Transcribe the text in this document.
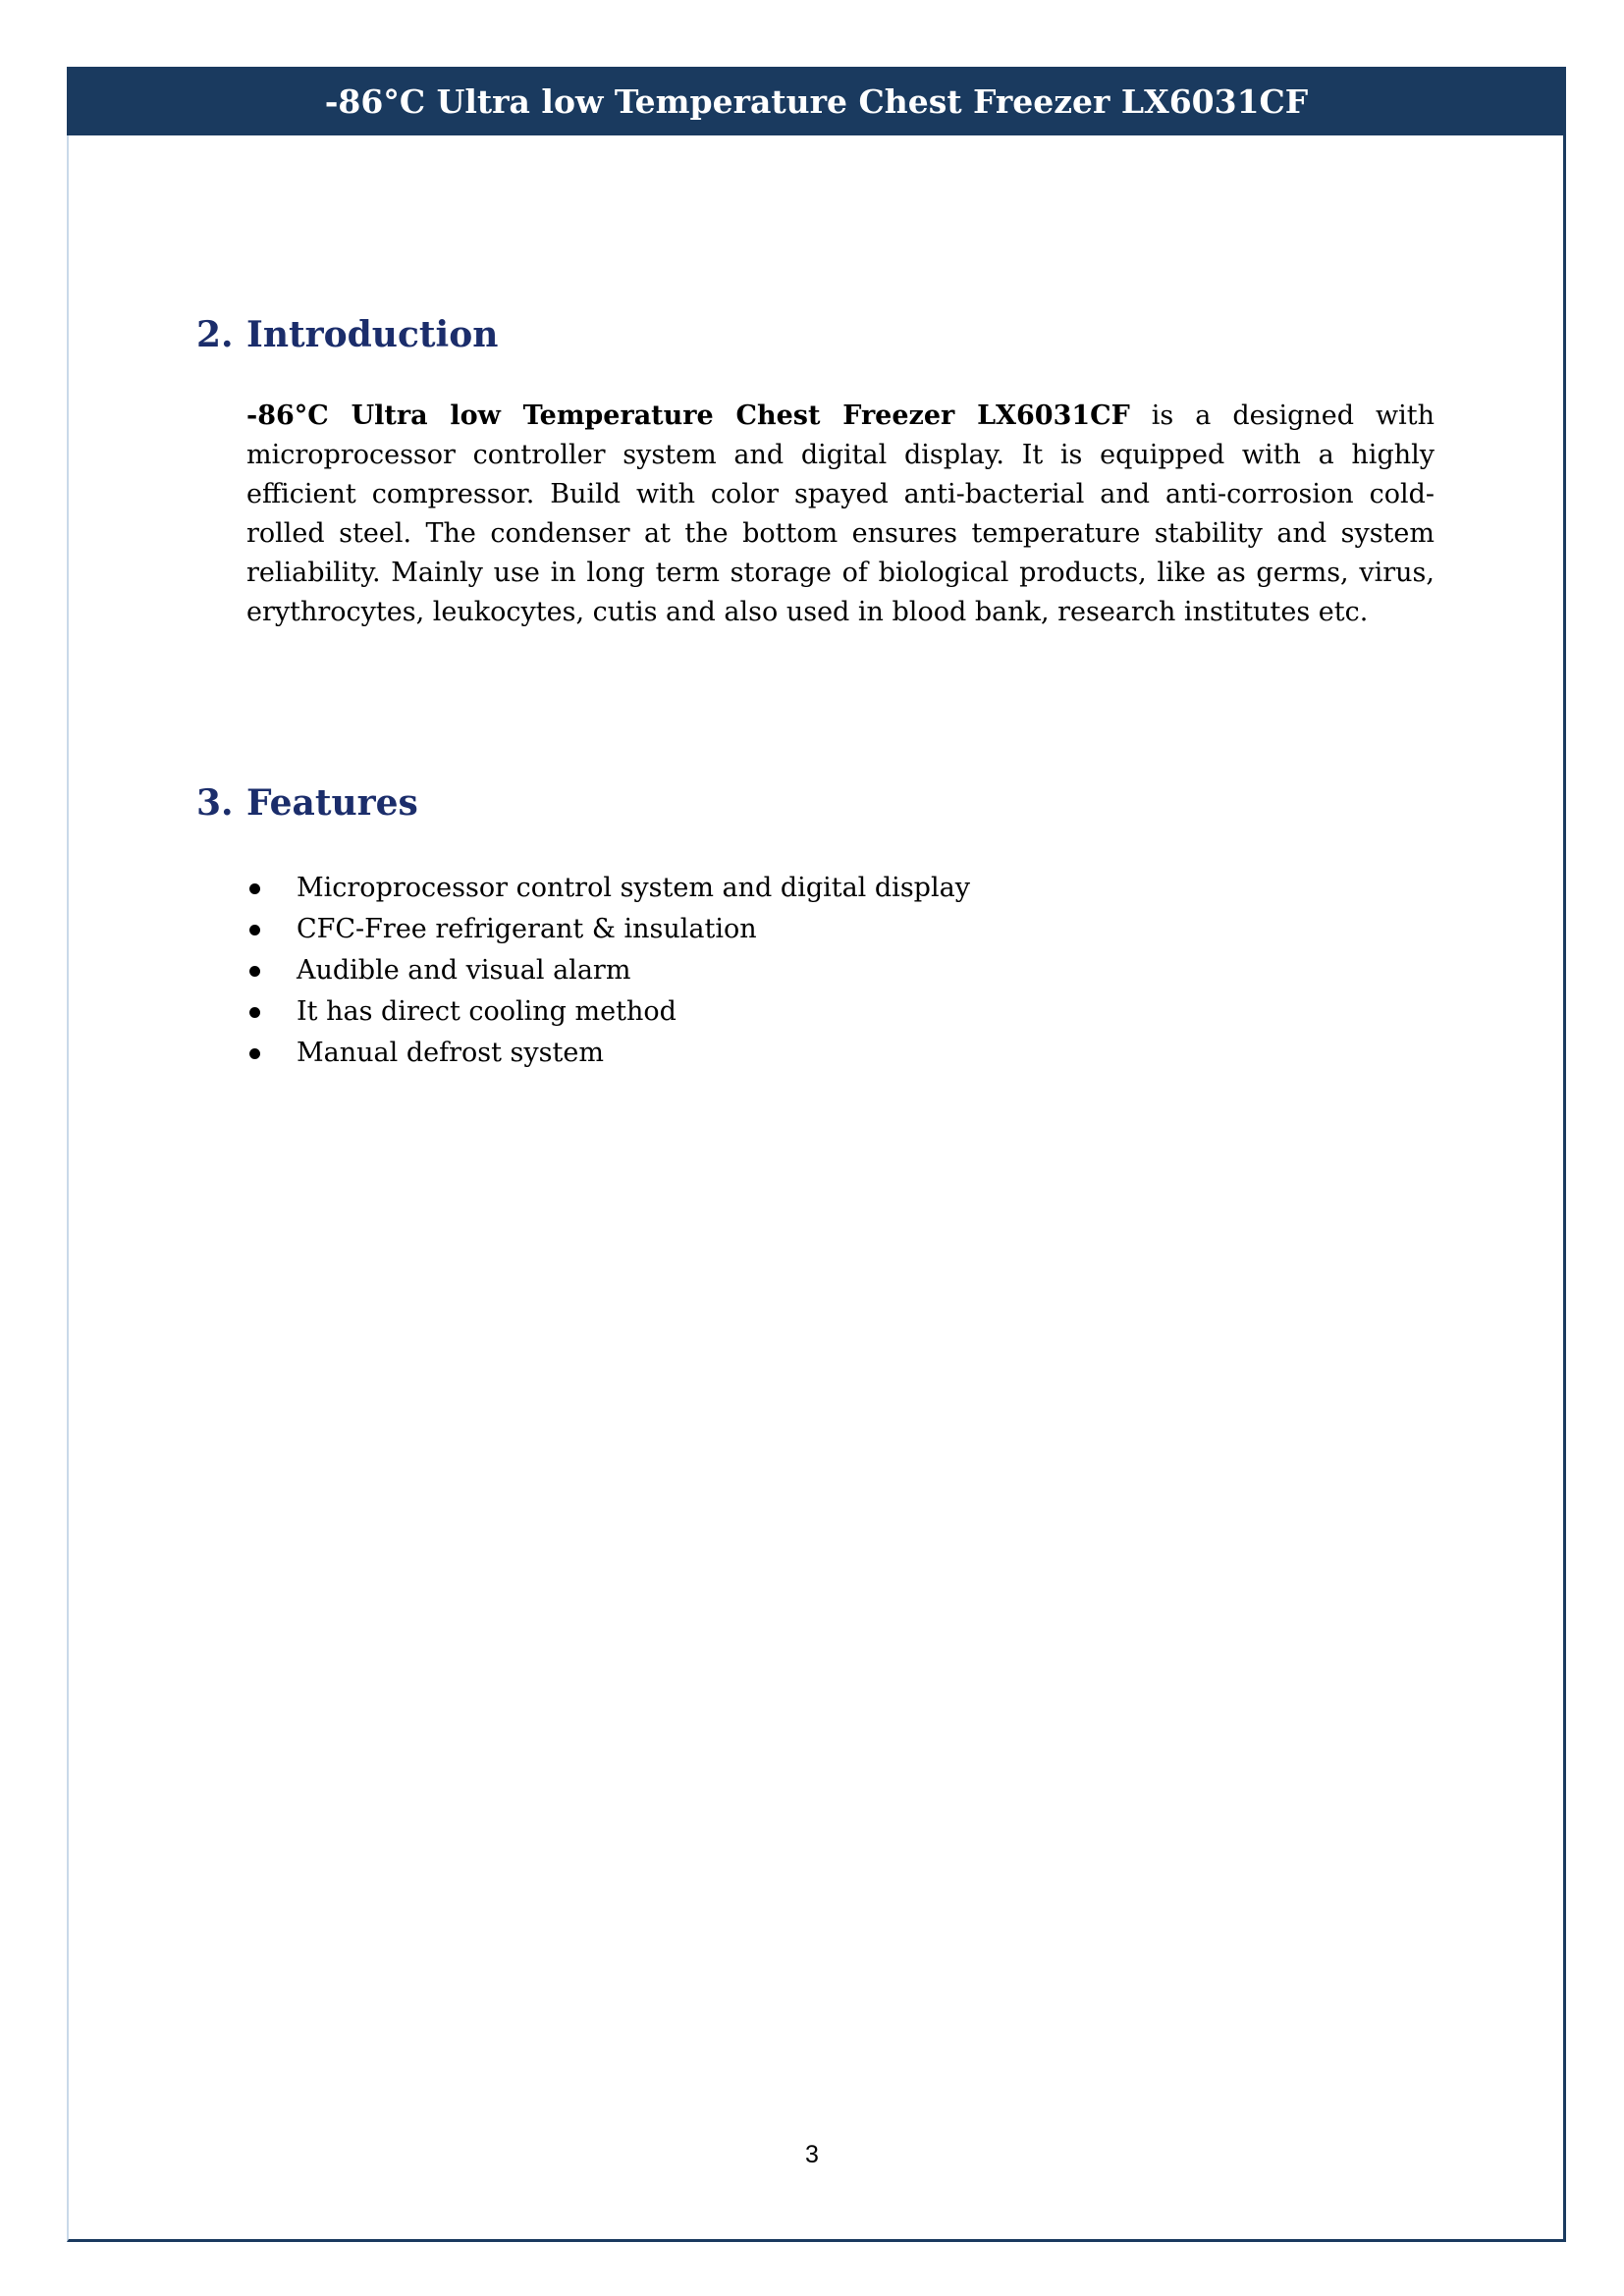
-86°C Ultra low Temperature Chest Freezer LX6031CF
2. Introduction

-86°C Ultra low Temperature Chest Freezer LX6031CF is a designed with microprocessor controller system and digital display. It is equipped with a highly efficient compressor. Build with color spayed anti-bacterial and anti-corrosion cold-rolled steel. The condenser at the bottom ensures temperature stability and system reliability. Mainly use in long term storage of biological products, like as germs, virus, erythrocytes, leukocytes, cutis and also used in blood bank, research institutes etc.

3. Features
Microprocessor control system and digital display
CFC-Free refrigerant & insulation
Audible and visual alarm
It has direct cooling method
Manual defrost system
3
